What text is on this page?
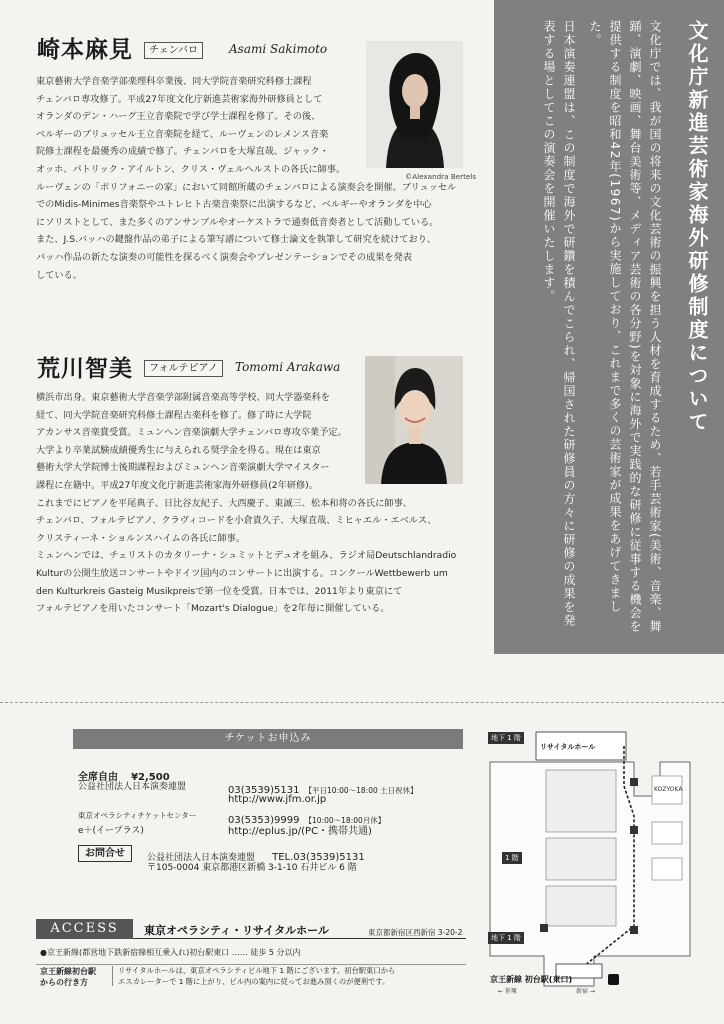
崎本麻見	チェンバロ	Asami Sakimoto
©Alexandra Bertels
東京藝術大学音楽学部楽理科卒業後、同大学院音楽研究科修士課程
チェンバロ専攻修了。平成27年度文化庁新進芸術家海外研修員として
オランダのデン・ハーグ王立音楽院で学び学士課程を修了。その後、
ベルギーのブリュッセル王立音楽院を経て、ルーヴェンのレメンス音楽
院修士課程を最優秀の成績で修了。チェンバロを大塚直哉、ジャック・
オッホ、パトリック・アイルトン、クリス・ヴェルヘルストの各氏に師事。
ルーヴェンの「ポリフォニーの家」において同館所蔵のチェンバロによる演奏会を開催。ブリュッセル
でのMidis-Minimes音楽祭やユトレヒト古楽音楽祭に出演するなど、ベルギーやオランダを中心
にソリストとして、また多くのアンサンブルやオーケストラで通奏低音奏者として活動している。
また、J.S.バッハの鍵盤作品の弟子による筆写譜について修士論文を執筆して研究を続けており、
バッハ作品の新たな演奏の可能性を探るべく演奏会やプレゼンテーションでその成果を発表
している。
荒川智美	フォルテピアノ	Tomomi Arakawa
横浜市出身。東京藝術大学音楽学部附属音楽高等学校、同大学器楽科を
経て、同大学院音楽研究科修士課程古楽科を修了。修了時に大学院
アカンサス音楽賞受賞。ミュンヘン音楽演劇大学チェンバロ専攻卒業予定。
大学より卒業試験成績優秀生に与えられる奨学金を得る。現在は東京
藝術大学大学院博士後期課程およびミュンヘン音楽演劇大学マイスター
課程に在籍中。平成27年度文化庁新進芸術家海外研修員(2年研修)。
これまでにピアノを平尾典子、日比谷友紀子、大西慶子、東誠三、松本和将の各氏に師事、
チェンバロ、フォルテピアノ、クラヴィコードを小倉貴久子、大塚直哉、ミヒャエル・エベルス、
クリスティーネ・ショルンスハイムの各氏に師事。
ミュンヘンでは、チェリストのカタリーナ・シュミットとデュオを組み、ラジオ局Deutschlandradio
Kulturの公開生放送コンサートやドイツ国内のコンサートに出演する。コンクールWettbewerb um
den Kulturkreis Gasteig Musikpreisで第一位を受賞。日本では、2011年より東京にて
フォルテピアノを用いたコンサート「Mozart's Dialogue」を2年毎に開催している。
文化庁新進芸術家海外研修制度について

文化庁では、我が国の将来の文化芸術の振興を担う人材を育成するため、若手芸術家(美術、音楽、舞踊、演劇、映画、舞台美術等、メディア芸術の各分野)を対象に海外で実践的な研修に従事する機会を提供する制度を昭和42年(1967)から実施しており、これまで多くの芸術家が成果をあげてきました。

日本演奏連盟は、この制度で海外で研鑽を積んでこられ、帰国された研修員の方々に研修の成果を発表する場としてこの演奏会を開催いたします。

チケットお申込み
全席自由 ¥2,500
公益社団法人日本演奏連盟	03(3539)5131 【平日10:00〜18:00 土日祝休】
http://www.jfm.or.jp
東京オペラシティチケットセンター	03(5353)9999 【10:00〜18:00月休】
e＋(イープラス)	http://eplus.jp/(PC・携帯共通)
お問合せ	公益社団法人日本演奏連盟 TEL.03(3539)5131
〒105-0004 東京都港区新橋 3-1-10 石井ビル 6 階
ACCESS	東京オペラシティ・リサイタルホール	東京都新宿区西新宿 3-20-2
●京王新線(都営地下鉄新宿線相互乗入れ)初台駅東口 …… 徒歩 5 分以内
京王新線初台駅
からの行き方
リサイタルホールは、東京オペラシティビル地下 1 階にございます。初台駅東口から
エスカレーターで 1 階に上がり、ビル内の案内に従ってお進み頂くのが便利です。
地下 1 階
リサイタルホール
KOZYOKA
1 階
地下 1 階
京王新線 初台駅(東口)
← 笹塚	新宿 →
